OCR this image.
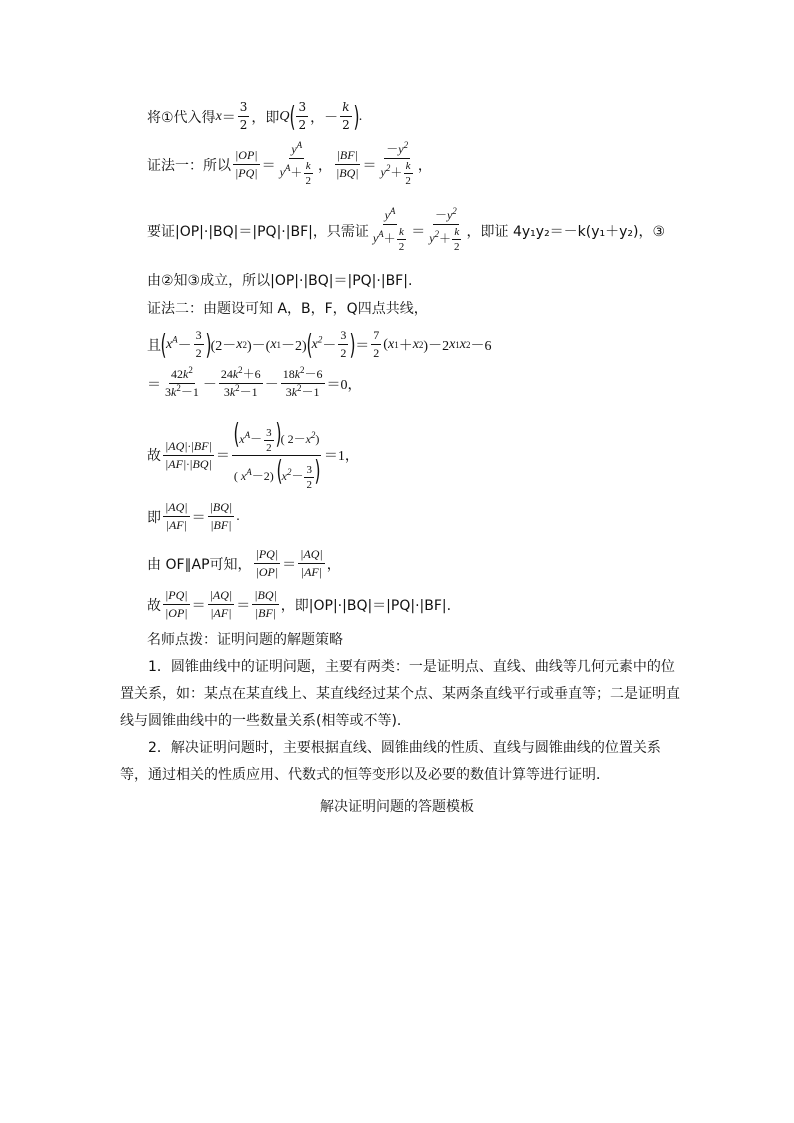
将①代入得 $x = \frac{3}{2}$ ，即 Q ( $\frac{3}{2}$ ，－ $\frac{k}{2}$ ) .
证法一：所以 $\frac{|OP|}{|PQ|} = \frac{y^A}{y^A+ \frac{k}{2}}$ ， $\frac{|BF|}{|BQ|} = \frac{-y^2}{y^2+ \frac{k}{2}}$ ，
要证|OP|·|BQ|＝|PQ|·|BF|，只需证 $\frac{y^A}{y^A+ \frac{k}{2}} = \frac{-y^2}{y^2+ \frac{k}{2}}$ ，即证 4y₁y₂＝－k(y₁＋y₂)，③
由②知③成立，所以|OP|·|BQ|＝|PQ|·|BF|.
证法二：由题设可知 A，B，F，Q四点共线，
且 ( $x^A - \frac{3}{2}$ ) (2－ x 2 )－( x 1 －2) ( $x^2 - \frac{3}{2}$ ) ＝ $\frac{7}{2}$ ( x 1 ＋ x 2 )－2 x 1 x 2 －6
＝ $\frac{42k^2}{3k^2-1} - \frac{24k^2+6}{3k^2-1} - \frac{18k^2-6}{3k^2-1} =0$，
故 $\frac{|AQ|\cdot|BF|}{|AF|\cdot|BQ|} = \frac{(x^A- \frac{3}{2} )( 2-x^2)}{( x^A-2) (x^2- \frac{3}{2} )} =1$，
即 $\frac{|AQ|}{|AF|} = \frac{|BQ|}{|BF|}$ .
由 OF∥AP可知， $\frac{|PQ|}{|OP|} = \frac{|AQ|}{|AF|}$ ，
故 $\frac{|PQ|}{|OP|} = \frac{|AQ|}{|AF|} = \frac{|BQ|}{|BF|}$ ，即|OP|·|BQ|＝|PQ|·|BF|.
名师点拨：证明问题的解题策略
1．圆锥曲线中的证明问题，主要有两类：一是证明点、直线、曲线等几何元素中的位置关系，如：某点在某直线上、某直线经过某个点、某两条直线平行或垂直等；二是证明直线与圆锥曲线中的一些数量关系(相等或不等)．
2．解决证明问题时，主要根据直线、圆锥曲线的性质、直线与圆锥曲线的位置关系等，通过相关的性质应用、代数式的恒等变形以及必要的数值计算等进行证明．
解决证明问题的答题模板
